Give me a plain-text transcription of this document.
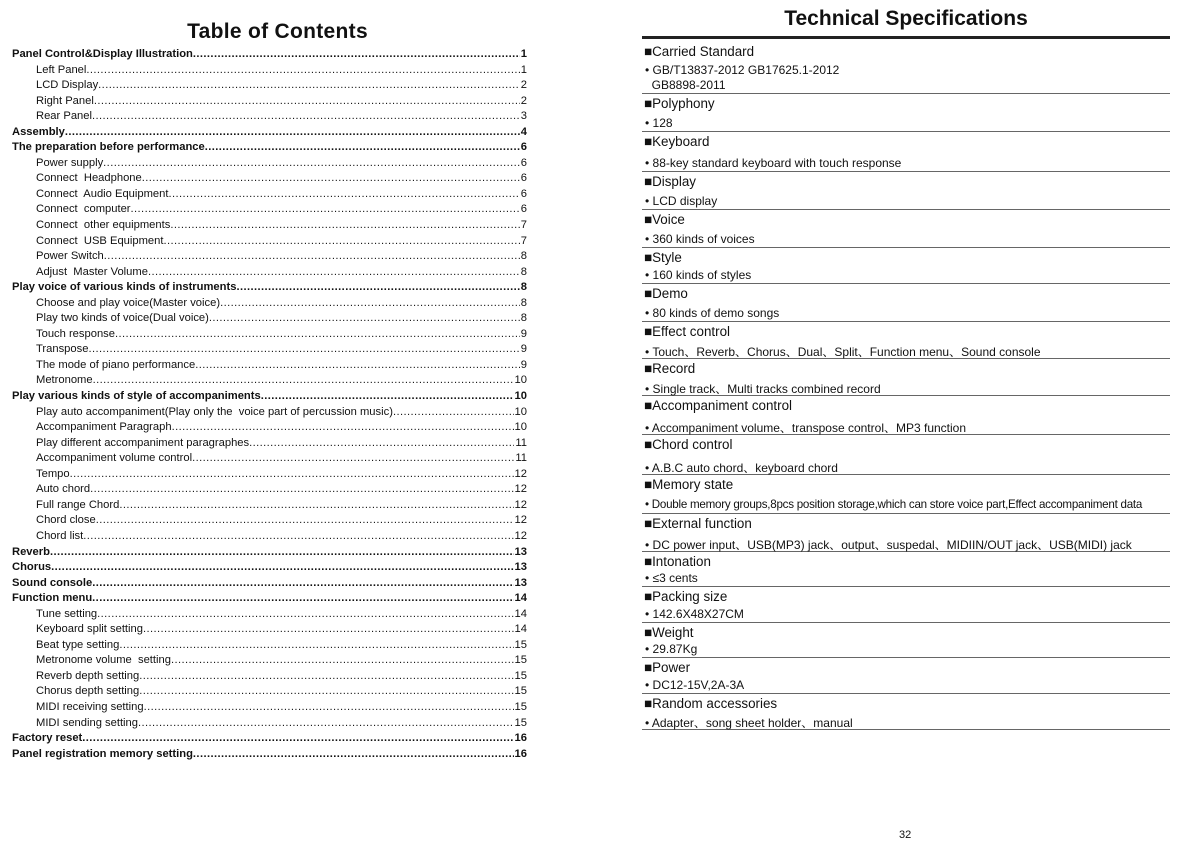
Table of Contents
Panel Control&Display Illustration .....	1
Left Panel .....	1
LCD Display .....	2
Right Panel .....	2
Rear Panel .....	3
Assembly .....	4
The preparation before performance .....	6
Power supply .....	6
Connect  Headphone .....	6
Connect  Audio Equipment .....	6
Connect  computer .....	6
Connect  other equipments .....	7
Connect  USB Equipment .....	7
Power Switch .....	8
Adjust  Master Volume .....	8
Play voice of various kinds of instruments .....	8
Choose and play voice(Master voice) .....	8
Play two kinds of voice(Dual voice) .....	8
Touch response .....	9
Transpose .....	9
The mode of piano performance .....	9
Metronome .....	10
Play various kinds of style of accompaniments .....	10
Play auto accompaniment(Play only the  voice part of percussion music) .....	10
Accompaniment Paragraph .....	10
Play different accompaniment paragraphes .....	11
Accompaniment volume control .....	11
Tempo .....	12
Auto chord .....	12
Full range Chord .....	12
Chord close .....	12
Chord list .....	12
Reverb .....	13
Chorus .....	13
Sound console .....	13
Function menu .....	14
Tune setting .....	14
Keyboard split setting .....	14
Beat type setting .....	15
Metronome volume  setting .....	15
Reverb depth setting .....	15
Chorus depth setting .....	15
MIDI receiving setting .....	15
MIDI sending setting .....	15
Factory reset .....	16
Panel registration memory setting .....	16
Technical Specifications
■Carried Standard
• GB/T13837-2012 GB17625.1-2012
GB8898-2011
■Polyphony
• 128
■Keyboard
• 88-key standard keyboard with touch response
■Display
• LCD display
■Voice
• 360 kinds of voices
■Style
• 160 kinds of styles
■Demo
• 80 kinds of demo songs
■Effect control
• Touch、Reverb、Chorus、Dual、Split、Function menu、Sound console
■Record
• Single track、Multi tracks combined record
■Accompaniment control
• Accompaniment volume、transpose control、MP3 function
■Chord control
• A.B.C auto chord、keyboard chord
■Memory state
• Double memory groups,8pcs position storage,which can store voice part,Effect accompaniment data
■External function
• DC power input、USB(MP3) jack、output、suspedal、MIDIIN/OUT jack、USB(MIDI) jack
■Intonation
• ≤3 cents
■Packing size
• 142.6X48X27CM
■Weight
• 29.87Kg
■Power
• DC12-15V,2A-3A
■Random accessories
• Adapter、song sheet holder、manual
32
